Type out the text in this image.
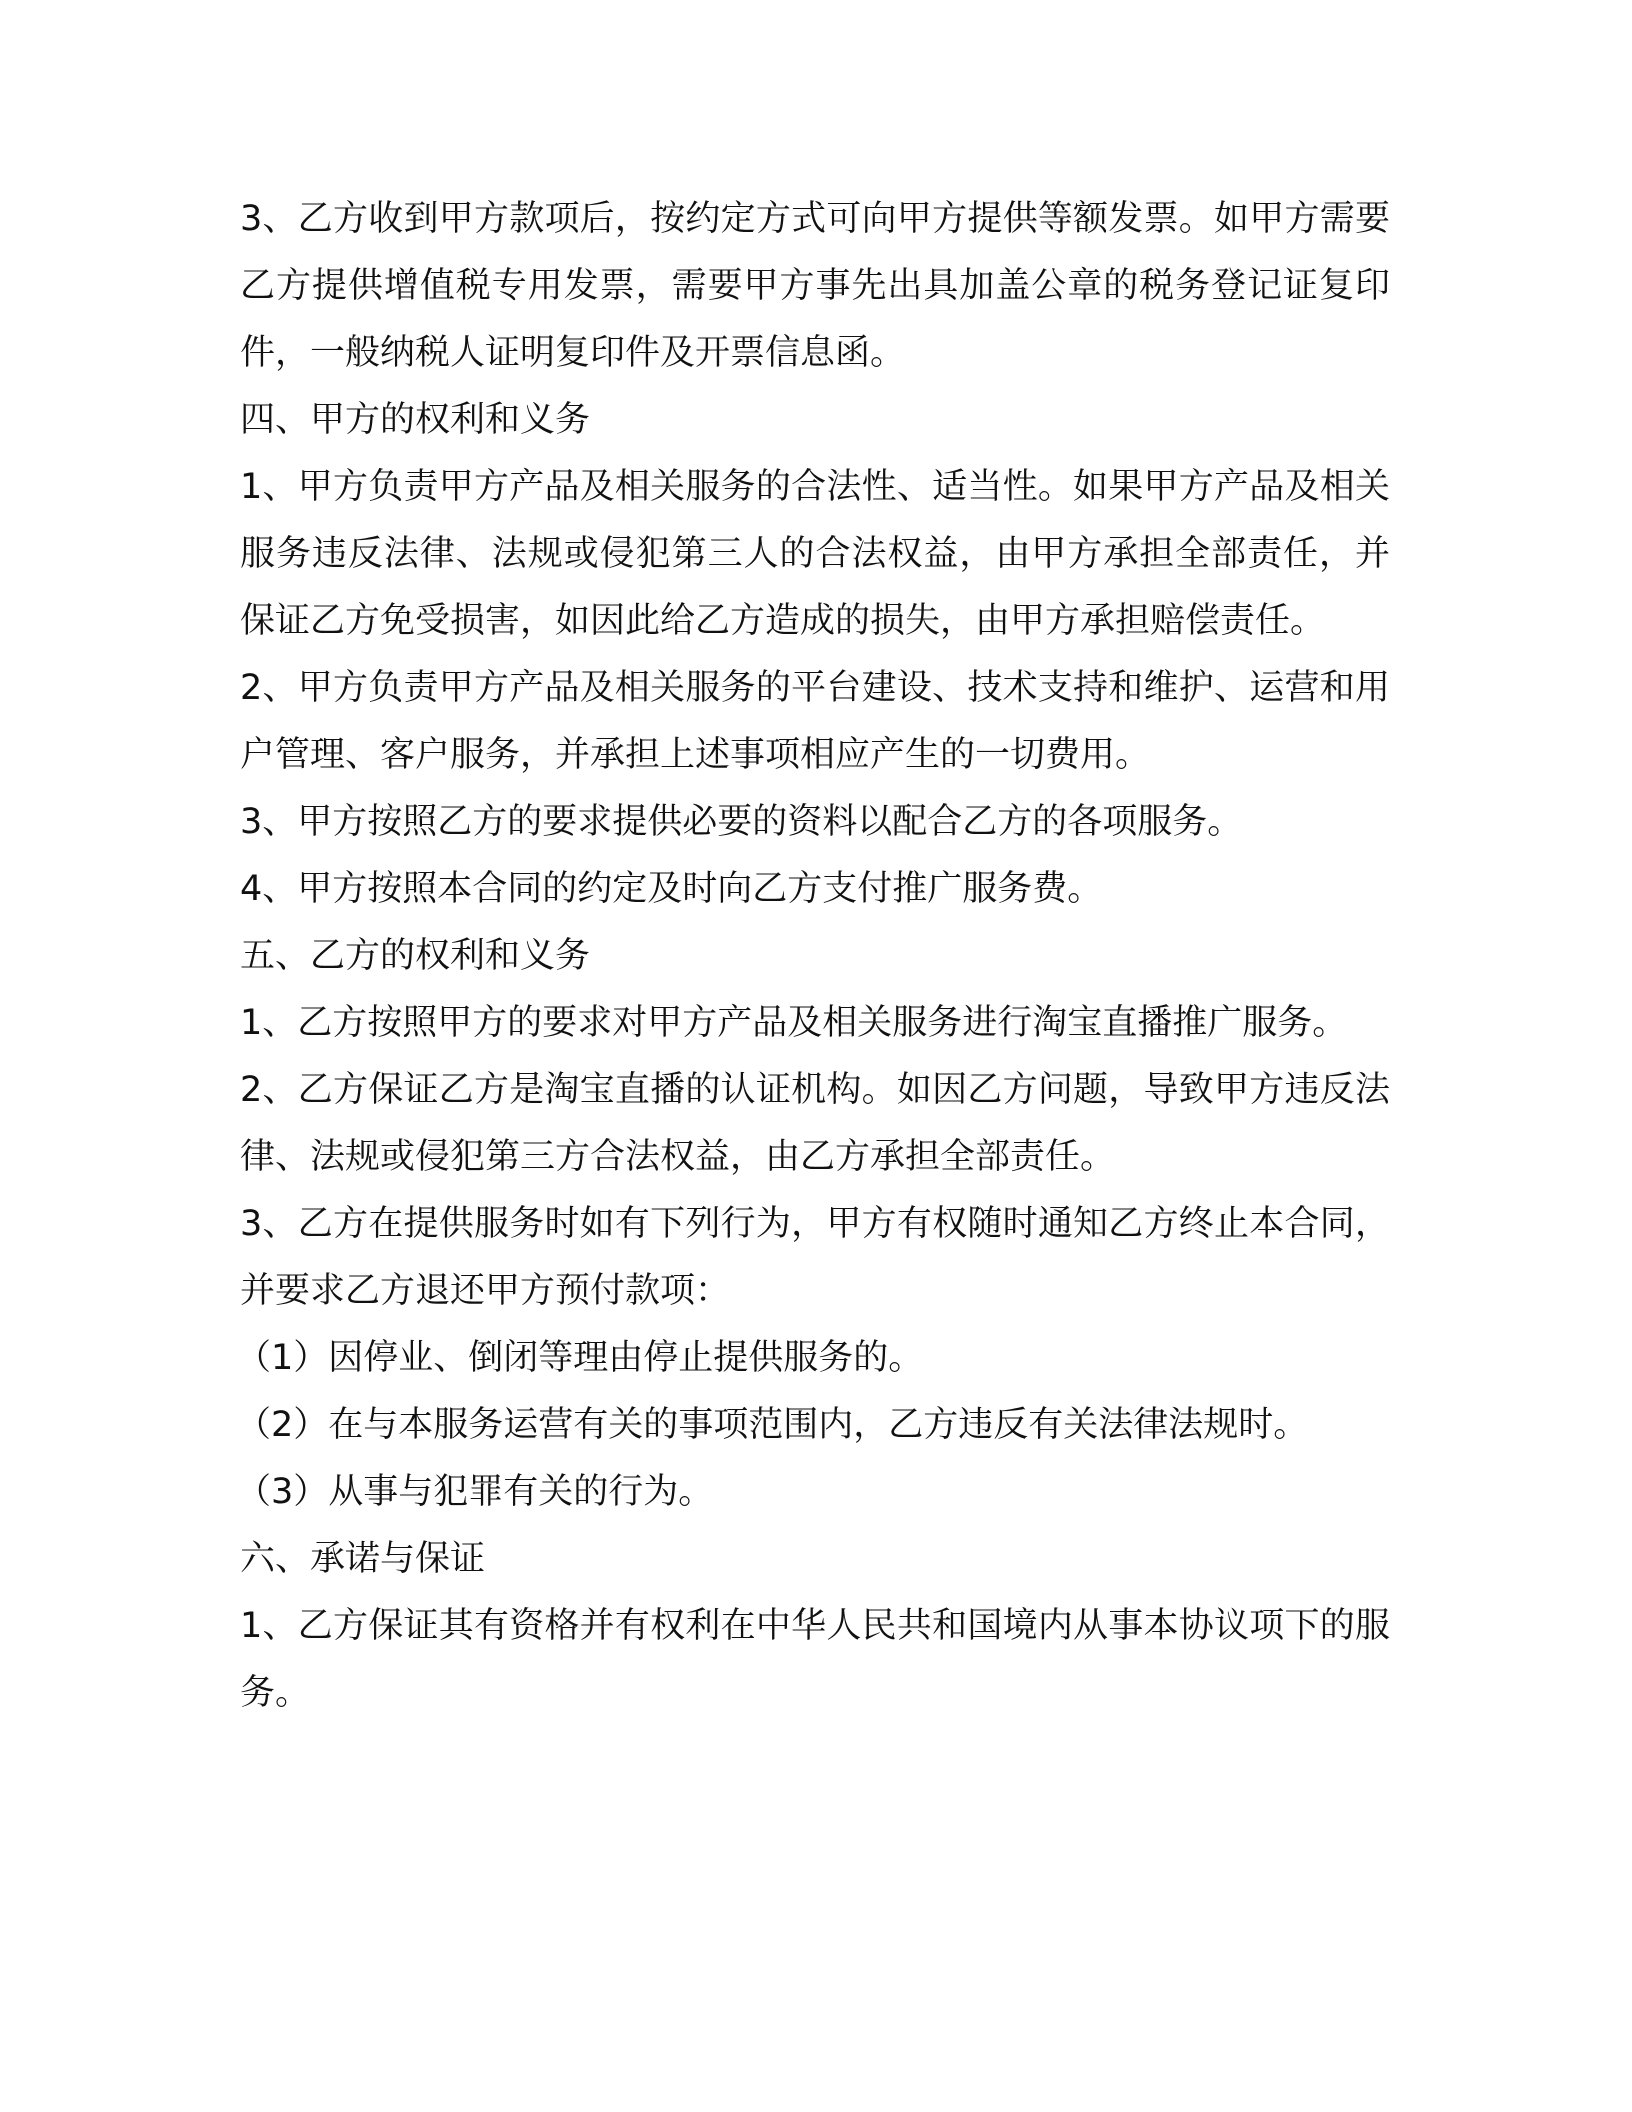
3、乙方收到甲方款项后，按约定方式可向甲方提供等额发票。如甲方需要乙方提供增值税专用发票，需要甲方事先出具加盖公章的税务登记证复印件，一般纳税人证明复印件及开票信息函。

四、甲方的权利和义务

1、甲方负责甲方产品及相关服务的合法性、适当性。如果甲方产品及相关服务违反法律、法规或侵犯第三人的合法权益，由甲方承担全部责任，并保证乙方免受损害，如因此给乙方造成的损失，由甲方承担赔偿责任。

2、甲方负责甲方产品及相关服务的平台建设、技术支持和维护、运营和用户管理、客户服务，并承担上述事项相应产生的一切费用。

3、甲方按照乙方的要求提供必要的资料以配合乙方的各项服务。

4、甲方按照本合同的约定及时向乙方支付推广服务费。

五、乙方的权利和义务

1、乙方按照甲方的要求对甲方产品及相关服务进行淘宝直播推广服务。

2、乙方保证乙方是淘宝直播的认证机构。如因乙方问题，导致甲方违反法律、法规或侵犯第三方合法权益，由乙方承担全部责任。

3、乙方在提供服务时如有下列行为，甲方有权随时通知乙方终止本合同，并要求乙方退还甲方预付款项：

（1）因停业、倒闭等理由停止提供服务的。

（2）在与本服务运营有关的事项范围内，乙方违反有关法律法规时。

（3）从事与犯罪有关的行为。

六、承诺与保证

1、乙方保证其有资格并有权利在中华人民共和国境内从事本协议项下的服务。
